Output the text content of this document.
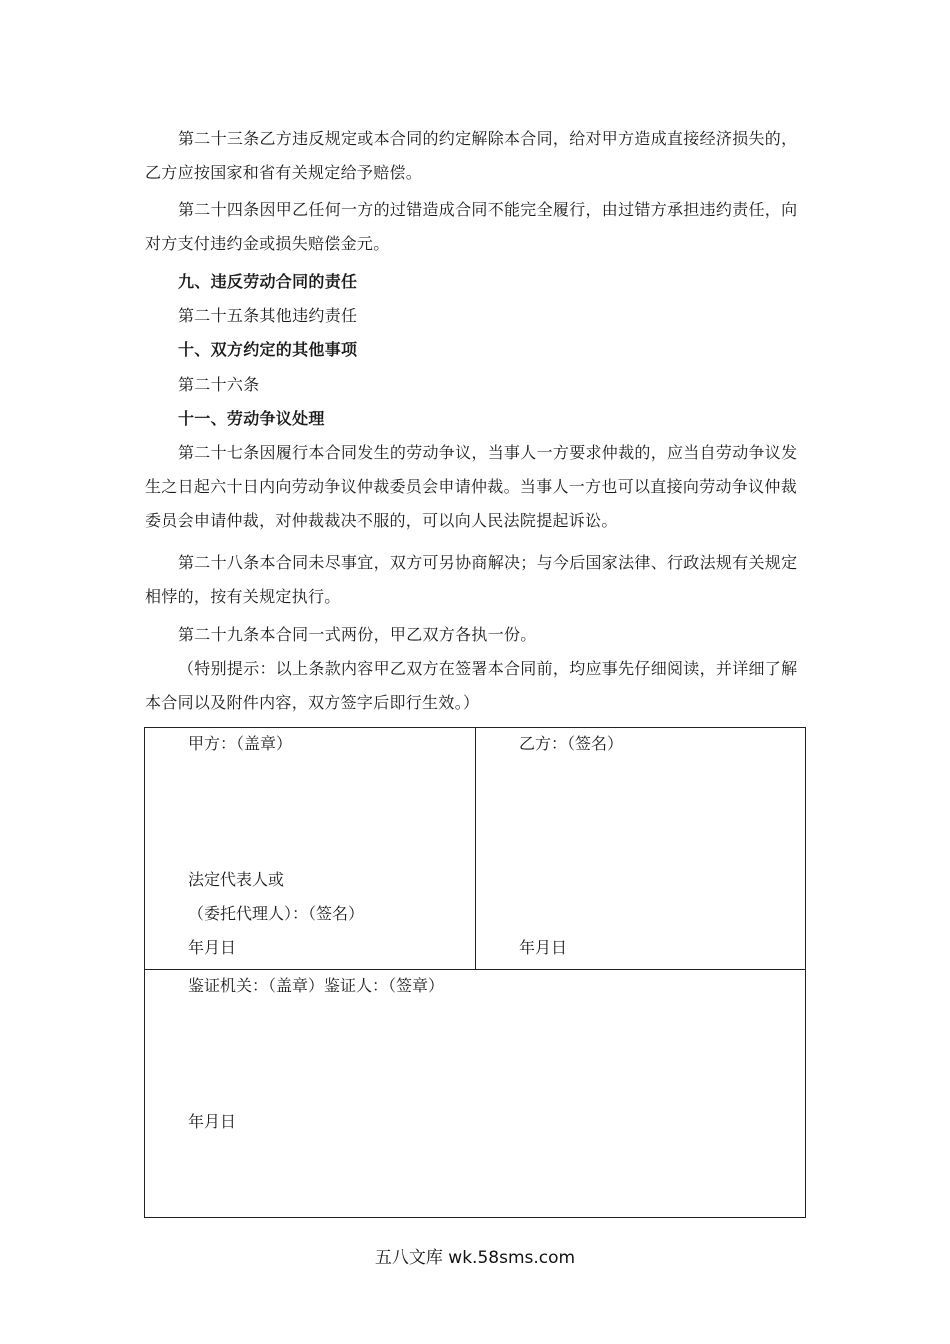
第二十三条乙方违反规定或本合同的约定解除本合同，给对甲方造成直接经济损失的，乙方应按国家和省有关规定给予赔偿。

第二十四条因甲乙任何一方的过错造成合同不能完全履行，由过错方承担违约责任，向对方支付违约金或损失赔偿金元。

九、违反劳动合同的责任

第二十五条其他违约责任

十、双方约定的其他事项

第二十六条

十一、劳动争议处理

第二十七条因履行本合同发生的劳动争议，当事人一方要求仲裁的，应当自劳动争议发生之日起六十日内向劳动争议仲裁委员会申请仲裁。当事人一方也可以直接向劳动争议仲裁委员会申请仲裁，对仲裁裁决不服的，可以向人民法院提起诉讼。

第二十八条本合同未尽事宜，双方可另协商解决；与今后国家法律、行政法规有关规定相悖的，按有关规定执行。

第二十九条本合同一式两份，甲乙双方各执一份。

（特别提示：以上条款内容甲乙双方在签署本合同前，均应事先仔细阅读，并详细了解本合同以及附件内容，双方签字后即行生效。）

甲方：（盖章）
法定代表人或
（委托代理人）：（签名）
年月日

乙方：（签名）
年月日

鉴证机关：（盖章）鉴证人：（签章）
年月日
五八文库 wk.58sms.com
